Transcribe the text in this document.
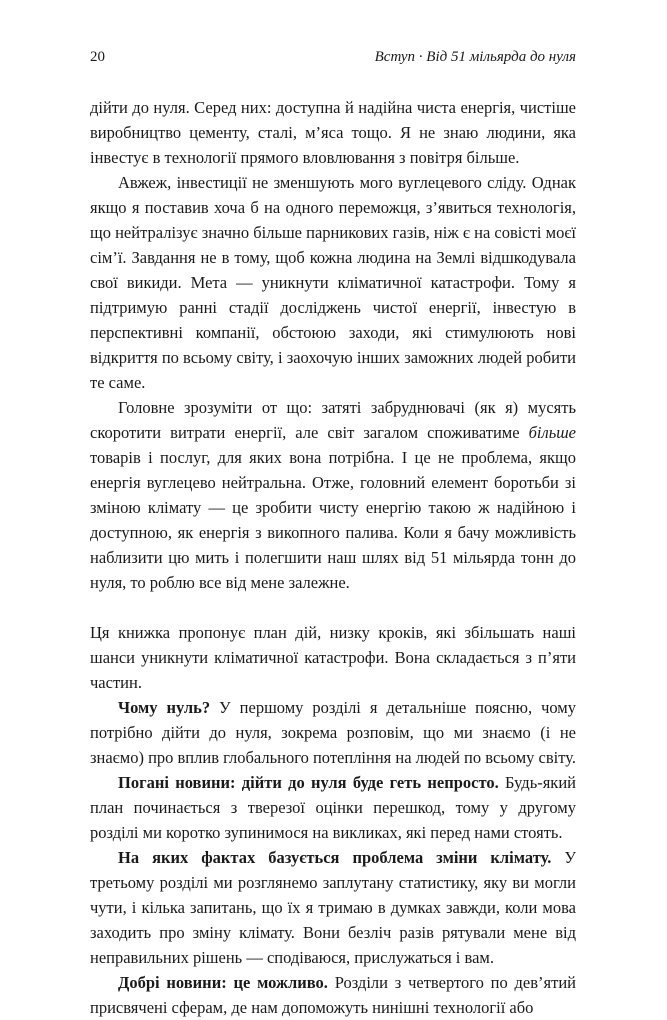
20	Вступ · Від 51 мільярда до нуля

дійти до нуля. Серед них: доступна й надійна чиста енергія, чистіше виробництво цементу, сталі, м’яса тощо. Я не знаю людини, яка інвестує в технології прямого вловлювання з повітря більше.

Авжеж, інвестиції не зменшують мого вуглецевого сліду. Однак якщо я поставив хоча б на одного переможця, з’явиться технологія, що нейтралізує значно більше парникових газів, ніж є на совісті моєї сім’ї. Завдання не в тому, щоб кожна людина на Землі відшкодувала свої викиди. Мета — уникнути кліматичної катастрофи. Тому я підтримую ранні стадії досліджень чистої енергії, інвестую в перспективні компанії, обстоюю заходи, які стимулюють нові відкриття по всьому світу, і заохочую інших заможних людей робити те саме.

Головне зрозуміти от що: затяті забруднювачі (як я) мусять скоротити витрати енергії, але світ загалом споживатиме більше товарів і послуг, для яких вона потрібна. І це не проблема, якщо енергія вуглецево нейтральна. Отже, головний елемент боротьби зі зміною клімату — це зробити чисту енергію такою ж надійною і доступною, як енергія з викопного палива. Коли я бачу можливість наблизити цю мить і полегшити наш шлях від 51 мільярда тонн до нуля, то роблю все від мене залежне.

Ця книжка пропонує план дій, низку кроків, які збільшать наші шанси уникнути кліматичної катастрофи. Вона складається з п’яти частин.

Чому нуль? У першому розділі я детальніше поясню, чому потрібно дійти до нуля, зокрема розповім, що ми знаємо (і не знаємо) про вплив глобального потепління на людей по всьому світу.

Погані новини: дійти до нуля буде геть непросто. Будь-який план починається з тверезої оцінки перешкод, тому у другому розділі ми коротко зупинимося на викликах, які перед нами стоять.

На яких фактах базується проблема зміни клімату. У третьому розділі ми розглянемо заплутану статистику, яку ви могли чути, і кілька запитань, що їх я тримаю в думках завжди, коли мова заходить про зміну клімату. Вони безліч разів рятували мене від неправильних рішень — сподіваюся, прислужаться і вам.

Добрі новини: це можливо. Розділи з четвертого по дев’ятий присвячені сферам, де нам допоможуть нинішні технології або
